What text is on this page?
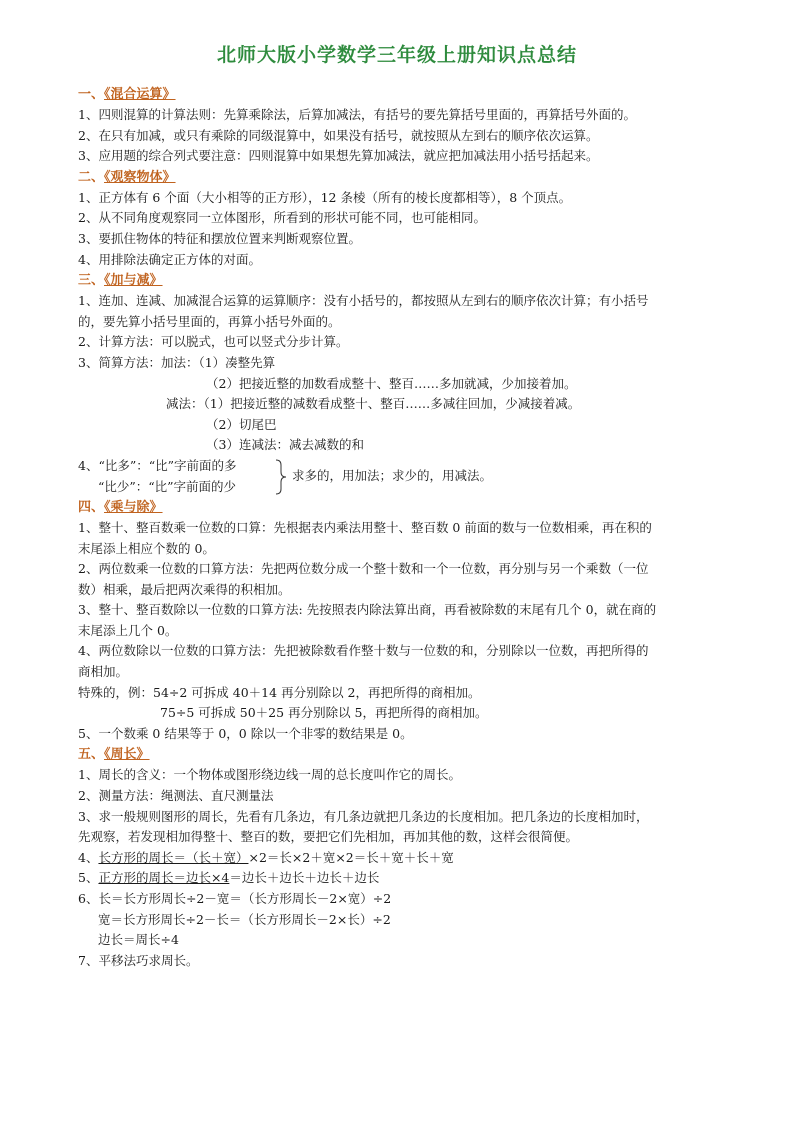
北师大版小学数学三年级上册知识点总结
一、《混合运算》

1、四则混算的计算法则：先算乘除法，后算加减法，有括号的要先算括号里面的，再算括号外面的。

2、在只有加减，或只有乘除的同级混算中，如果没有括号，就按照从左到右的顺序依次运算。

3、应用题的综合列式要注意：四则混算中如果想先算加减法，就应把加减法用小括号括起来。

二、《观察物体》

1、正方体有 6 个面（大小相等的正方形），12 条棱（所有的棱长度都相等），8 个顶点。

2、从不同角度观察同一立体图形，所看到的形状可能不同，也可能相同。

3、要抓住物体的特征和摆放位置来判断观察位置。

4、用排除法确定正方体的对面。

三、《加与减》

1、连加、连减、加减混合运算的运算顺序：没有小括号的，都按照从左到右的顺序依次计算；有小括号

的，要先算小括号里面的，再算小括号外面的。

2、计算方法：可以脱式，也可以竖式分步计算。

3、简算方法：加法：（1）凑整先算

（2）把接近整的加数看成整十、整百……多加就减，少加接着加。

减法：（1）把接近整的减数看成整十、整百……多减往回加，少减接着减。

（2）切尾巴

（3）连减法：减去减数的和

4、“比多”：“比”字前面的多
“比少”：“比”字前面的少
求多的，用加法；求少的，用减法。
四、《乘与除》

1、整十、整百数乘一位数的口算：先根据表内乘法用整十、整百数 0 前面的数与一位数相乘，再在积的

末尾添上相应个数的 0。

2、两位数乘一位数的口算方法：先把两位数分成一个整十数和一个一位数，再分别与另一个乘数（一位

数）相乘，最后把两次乘得的积相加。

3、整十、整百数除以一位数的口算方法: 先按照表内除法算出商，再看被除数的末尾有几个 0，就在商的

末尾添上几个 0。

4、两位数除以一位数的口算方法：先把被除数看作整十数与一位数的和，分别除以一位数，再把所得的

商相加。

特殊的，例：54÷2 可拆成 40＋14 再分别除以 2，再把所得的商相加。

75÷5 可拆成 50＋25 再分别除以 5，再把所得的商相加。

5、一个数乘 0 结果等于 0，0 除以一个非零的数结果是 0。

五、《周长》

1、周长的含义：一个物体或图形绕边线一周的总长度叫作它的周长。

2、测量方法：绳测法、直尺测量法

3、求一般规则图形的周长，先看有几条边，有几条边就把几条边的长度相加。把几条边的长度相加时，

先观察，若发现相加得整十、整百的数，要把它们先相加，再加其他的数，这样会很简便。

4、长方形的周长＝（长＋宽）×2＝长×2＋宽×2＝长＋宽＋长＋宽

5、正方形的周长＝边长×4＝边长＋边长＋边长＋边长

6、长＝长方形周长÷2－宽＝（长方形周长－2×宽）÷2

宽＝长方形周长÷2－长＝（长方形周长－2×长）÷2

边长＝周长÷4

7、平移法巧求周长。
